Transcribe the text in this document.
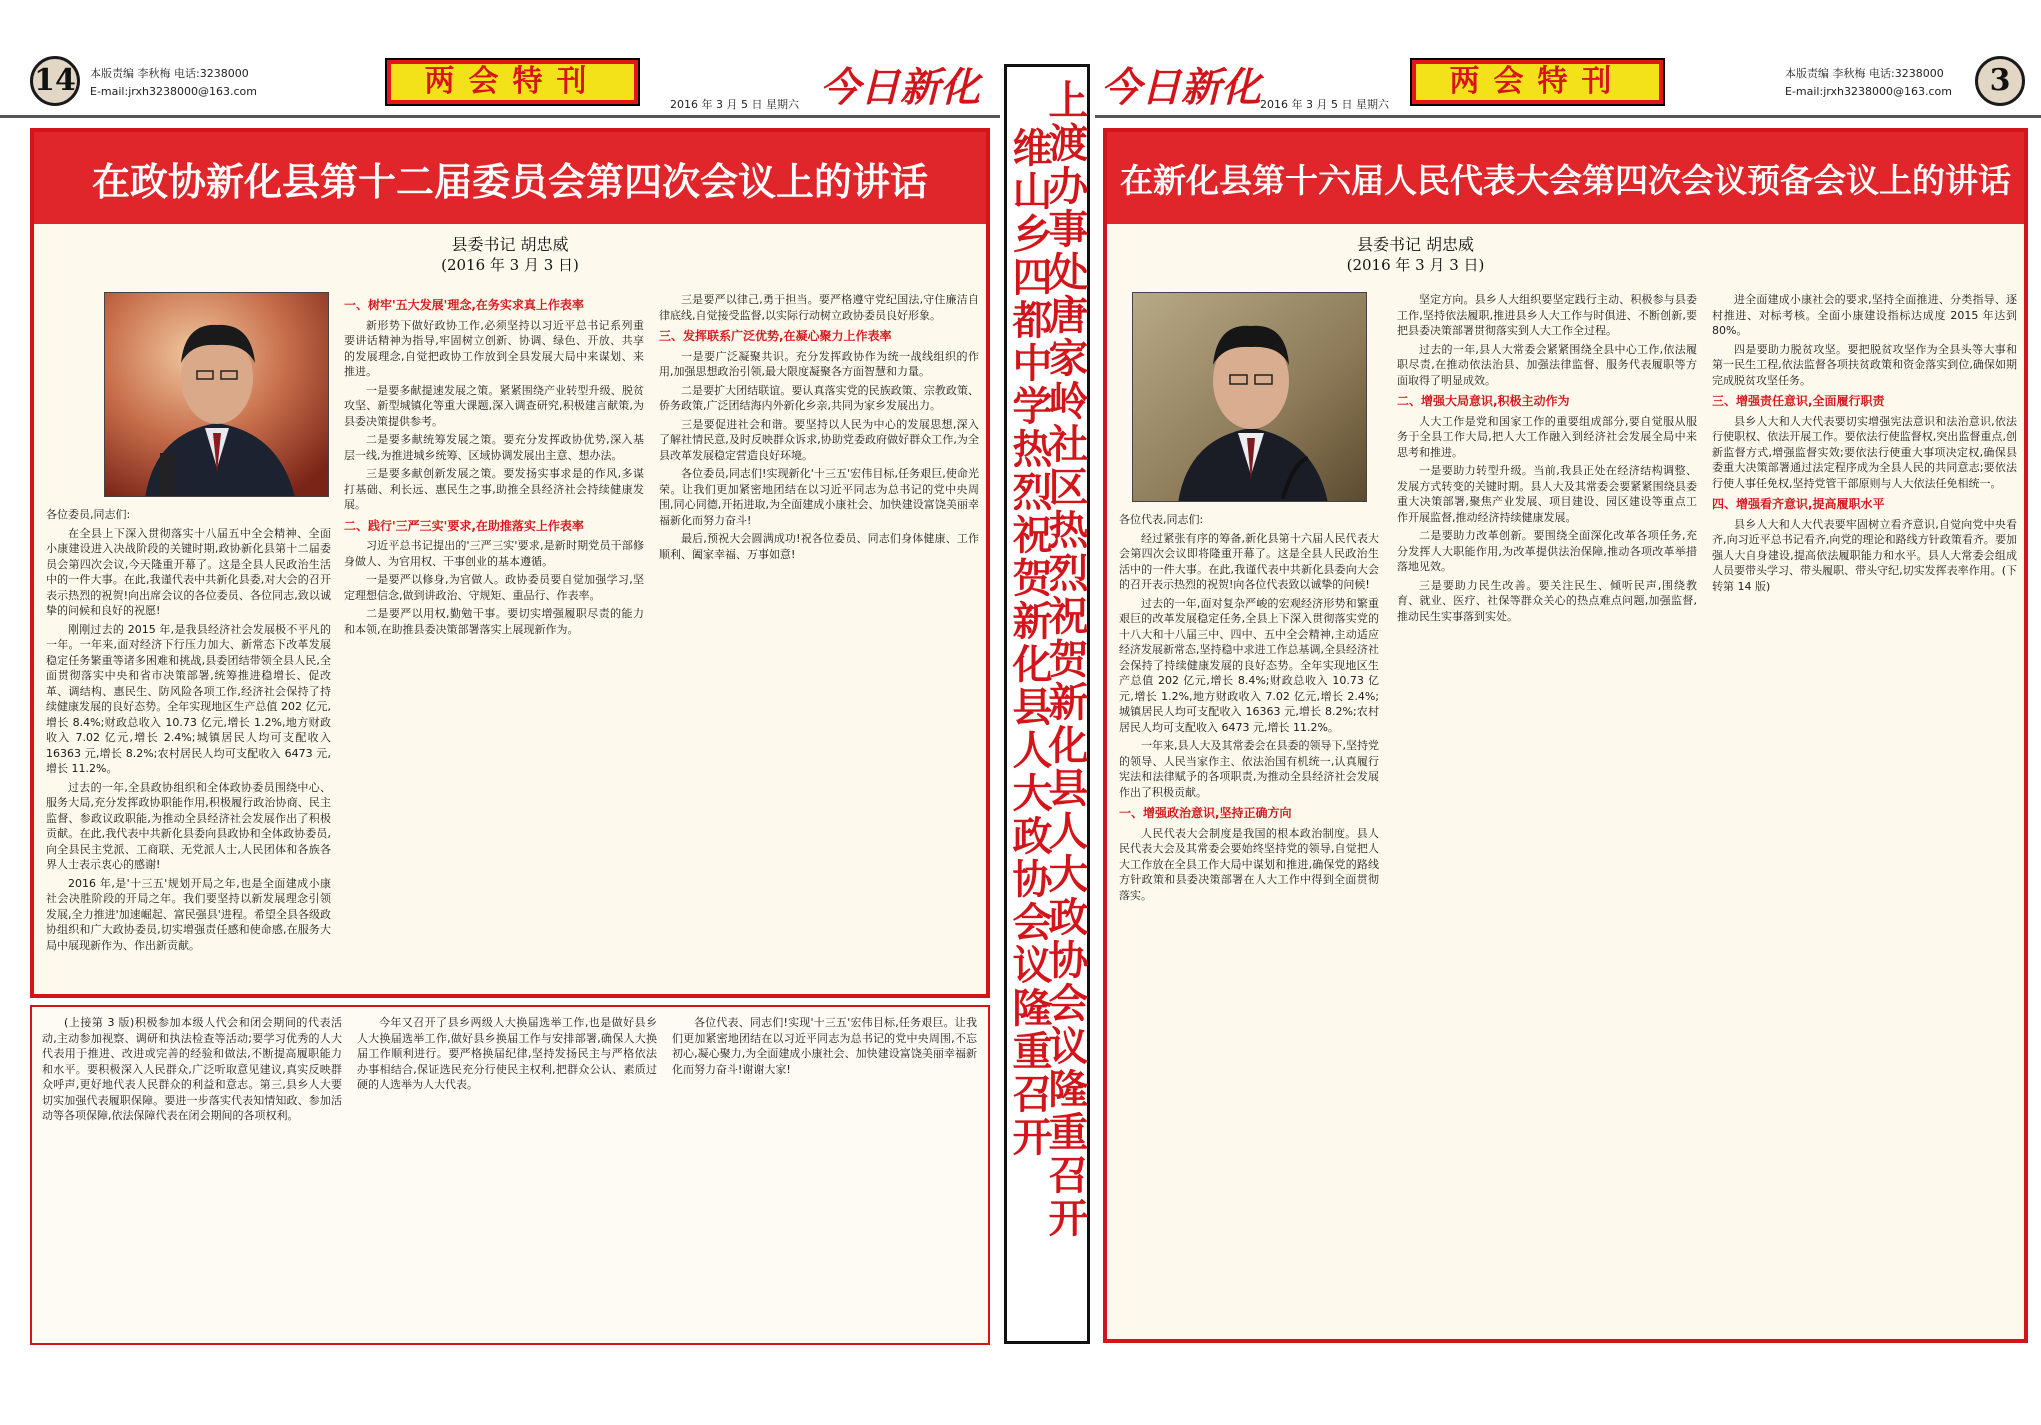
14	本版责编 李秋梅 电话:3238000
E-mail:jrxh3238000@163.com	两会特刊
2016 年 3 月 5 日 星期六 今日新化
在政协新化县第十二届委员会第四次会议上的讲话
县委书记 胡忠威
(2016 年 3 月 3 日)

各位委员,同志们:

在全县上下深入贯彻落实十八届五中全会精神、全面小康建设进入决战阶段的关键时期,政协新化县第十二届委员会第四次会议,今天隆重开幕了。这是全县人民政治生活中的一件大事。在此,我谨代表中共新化县委,对大会的召开表示热烈的祝贺!向出席会议的各位委员、各位同志,致以诚挚的问候和良好的祝愿!

刚刚过去的 2015 年,是我县经济社会发展极不平凡的一年。一年来,面对经济下行压力加大、新常态下改革发展稳定任务繁重等诸多困难和挑战,县委团结带领全县人民,全面贯彻落实中央和省市决策部署,统筹推进稳增长、促改革、调结构、惠民生、防风险各项工作,经济社会保持了持续健康发展的良好态势。全年实现地区生产总值 202 亿元,增长 8.4%;财政总收入 10.73 亿元,增长 1.2%,地方财政收入 7.02 亿元,增长 2.4%;城镇居民人均可支配收入 16363 元,增长 8.2%;农村居民人均可支配收入 6473 元,增长 11.2%。

过去的一年,全县政协组织和全体政协委员围绕中心、服务大局,充分发挥政协职能作用,积极履行政治协商、民主监督、参政议政职能,为推动全县经济社会发展作出了积极贡献。在此,我代表中共新化县委向县政协和全体政协委员,向全县民主党派、工商联、无党派人士,人民团体和各族各界人士表示衷心的感谢!

2016 年,是'十三五'规划开局之年,也是全面建成小康社会决胜阶段的开局之年。我们要坚持以新发展理念引领发展,全力推进'加速崛起、富民强县'进程。希望全县各级政协组织和广大政协委员,切实增强责任感和使命感,在服务大局中展现新作为、作出新贡献。

一、树牢'五大发展'理念,在务实求真上作表率

新形势下做好政协工作,必须坚持以习近平总书记系列重要讲话精神为指导,牢固树立创新、协调、绿色、开放、共享的发展理念,自觉把政协工作放到全县发展大局中来谋划、来推进。

一是要多献提速发展之策。紧紧围绕产业转型升级、脱贫攻坚、新型城镇化等重大课题,深入调查研究,积极建言献策,为县委决策提供参考。

二是要多献统筹发展之策。要充分发挥政协优势,深入基层一线,为推进城乡统筹、区域协调发展出主意、想办法。

三是要多献创新发展之策。要发扬实事求是的作风,多谋打基础、利长远、惠民生之事,助推全县经济社会持续健康发展。

二、践行'三严三实'要求,在助推落实上作表率

习近平总书记提出的'三严三实'要求,是新时期党员干部修身做人、为官用权、干事创业的基本遵循。

一是要严以修身,为官做人。政协委员要自觉加强学习,坚定理想信念,做到讲政治、守规矩、重品行、作表率。

二是要严以用权,勤勉干事。要切实增强履职尽责的能力和本领,在助推县委决策部署落实上展现新作为。

三是要严以律己,勇于担当。要严格遵守党纪国法,守住廉洁自律底线,自觉接受监督,以实际行动树立政协委员良好形象。

三、发挥联系广泛优势,在凝心聚力上作表率

一是要广泛凝聚共识。充分发挥政协作为统一战线组织的作用,加强思想政治引领,最大限度凝聚各方面智慧和力量。

二是要扩大团结联谊。要认真落实党的民族政策、宗教政策、侨务政策,广泛团结海内外新化乡亲,共同为家乡发展出力。

三是要促进社会和谐。要坚持以人民为中心的发展思想,深入了解社情民意,及时反映群众诉求,协助党委政府做好群众工作,为全县改革发展稳定营造良好环境。

各位委员,同志们!实现新化'十三五'宏伟目标,任务艰巨,使命光荣。让我们更加紧密地团结在以习近平同志为总书记的党中央周围,同心同德,开拓进取,为全面建成小康社会、加快建设富饶美丽幸福新化而努力奋斗!

最后,预祝大会圆满成功!祝各位委员、同志们身体健康、工作顺利、阖家幸福、万事如意!

(上接第 3 版)积极参加本级人代会和闭会期间的代表活动,主动参加视察、调研和执法检查等活动;要学习优秀的人大代表用于推进、改进或完善的经验和做法,不断提高履职能力和水平。要积极深入人民群众,广泛听取意见建议,真实反映群众呼声,更好地代表人民群众的利益和意志。第三,县乡人大要切实加强代表履职保障。要进一步落实代表知情知政、参加活动等各项保障,依法保障代表在闭会期间的各项权利。

今年又召开了县乡两级人大换届选举工作,也是做好县乡人大换届选举工作,做好县乡换届工作与安排部署,确保人大换届工作顺利进行。要严格换届纪律,坚持发扬民主与严格依法办事相结合,保证选民充分行使民主权利,把群众公认、素质过硬的人选举为人大代表。

各位代表、同志们!实现'十三五'宏伟目标,任务艰巨。让我们更加紧密地团结在以习近平同志为总书记的党中央周围,不忘初心,凝心聚力,为全面建成小康社会、加快建设富饶美丽幸福新化而努力奋斗!谢谢大家!	上渡办事处唐家岭社区热烈祝贺新化县人大政协会议隆重召开
维山乡四都中学热烈祝贺新化县人大政协会议隆重召开
今日新化 2016 年 3 月 5 日 星期六
两会特刊	本版责编 李秋梅 电话:3238000
E-mail:jrxh3238000@163.com	3
在新化县第十六届人民代表大会第四次会议预备会议上的讲话
县委书记 胡忠威
(2016 年 3 月 3 日)

各位代表,同志们:

经过紧张有序的筹备,新化县第十六届人民代表大会第四次会议即将隆重开幕了。这是全县人民政治生活中的一件大事。在此,我谨代表中共新化县委向大会的召开表示热烈的祝贺!向各位代表致以诚挚的问候!

过去的一年,面对复杂严峻的宏观经济形势和繁重艰巨的改革发展稳定任务,全县上下深入贯彻落实党的十八大和十八届三中、四中、五中全会精神,主动适应经济发展新常态,坚持稳中求进工作总基调,全县经济社会保持了持续健康发展的良好态势。全年实现地区生产总值 202 亿元,增长 8.4%;财政总收入 10.73 亿元,增长 1.2%,地方财政收入 7.02 亿元,增长 2.4%;城镇居民人均可支配收入 16363 元,增长 8.2%;农村居民人均可支配收入 6473 元,增长 11.2%。

一年来,县人大及其常委会在县委的领导下,坚持党的领导、人民当家作主、依法治国有机统一,认真履行宪法和法律赋予的各项职责,为推动全县经济社会发展作出了积极贡献。

一、增强政治意识,坚持正确方向

人民代表大会制度是我国的根本政治制度。县人民代表大会及其常委会要始终坚持党的领导,自觉把人大工作放在全县工作大局中谋划和推进,确保党的路线方针政策和县委决策部署在人大工作中得到全面贯彻落实。

坚定方向。县乡人大组织要坚定践行主动、积极参与县委工作,坚持依法履职,推进县乡人大工作与时俱进、不断创新,要把县委决策部署贯彻落实到人大工作全过程。

过去的一年,县人大常委会紧紧围绕全县中心工作,依法履职尽责,在推动依法治县、加强法律监督、服务代表履职等方面取得了明显成效。

二、增强大局意识,积极主动作为

人大工作是党和国家工作的重要组成部分,要自觉服从服务于全县工作大局,把人大工作融入到经济社会发展全局中来思考和推进。

一是要助力转型升级。当前,我县正处在经济结构调整、发展方式转变的关键时期。县人大及其常委会要紧紧围绕县委重大决策部署,聚焦产业发展、项目建设、园区建设等重点工作开展监督,推动经济持续健康发展。

二是要助力改革创新。要围绕全面深化改革各项任务,充分发挥人大职能作用,为改革提供法治保障,推动各项改革举措落地见效。

三是要助力民生改善。要关注民生、倾听民声,围绕教育、就业、医疗、社保等群众关心的热点难点问题,加强监督,推动民生实事落到实处。

进全面建成小康社会的要求,坚持全面推进、分类指导、逐村推进、对标考核。全面小康建设指标达成度 2015 年达到 80%。

四是要助力脱贫攻坚。要把脱贫攻坚作为全县头等大事和第一民生工程,依法监督各项扶贫政策和资金落实到位,确保如期完成脱贫攻坚任务。

三、增强责任意识,全面履行职责

县乡人大和人大代表要切实增强宪法意识和法治意识,依法行使职权、依法开展工作。要依法行使监督权,突出监督重点,创新监督方式,增强监督实效;要依法行使重大事项决定权,确保县委重大决策部署通过法定程序成为全县人民的共同意志;要依法行使人事任免权,坚持党管干部原则与人大依法任免相统一。

四、增强看齐意识,提高履职水平

县乡人大和人大代表要牢固树立看齐意识,自觉向党中央看齐,向习近平总书记看齐,向党的理论和路线方针政策看齐。要加强人大自身建设,提高依法履职能力和水平。县人大常委会组成人员要带头学习、带头履职、带头守纪,切实发挥表率作用。(下转第 14 版)
